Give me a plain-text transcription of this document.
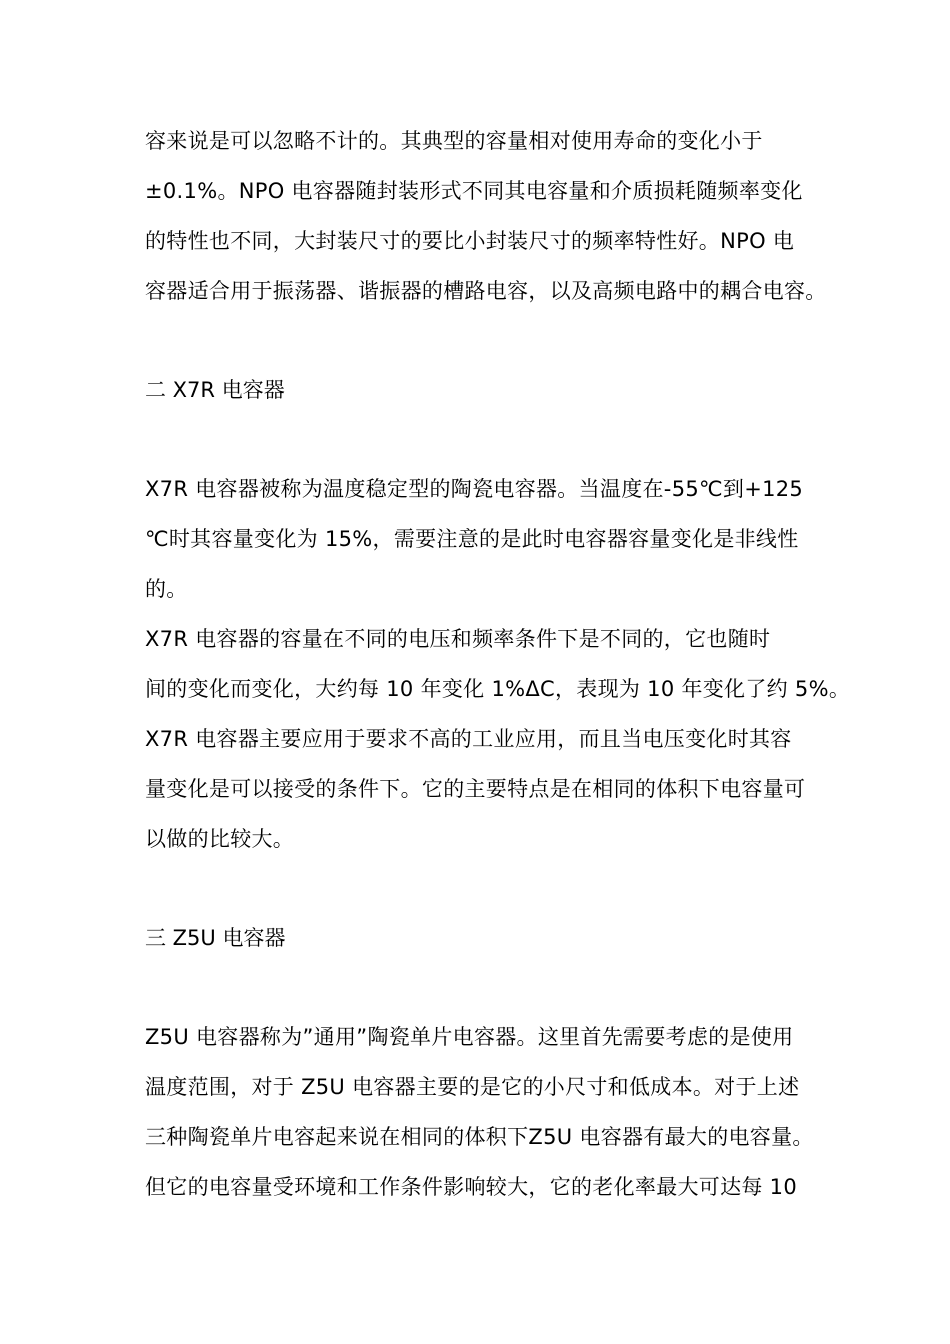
容来说是可以忽略不计的。其典型的容量相对使用寿命的变化小于
±0.1%。NPO 电容器随封装形式不同其电容量和介质损耗随频率变化
的特性也不同，大封装尺寸的要比小封装尺寸的频率特性好。NPO 电
容器适合用于振荡器、谐振器的槽路电容，以及高频电路中的耦合电容。
二 X7R 电容器
X7R 电容器被称为温度稳定型的陶瓷电容器。当温度在-55℃到+125
℃时其容量变化为 15%，需要注意的是此时电容器容量变化是非线性
的。
X7R 电容器的容量在不同的电压和频率条件下是不同的，它也随时
间的变化而变化，大约每 10 年变化 1%ΔC，表现为 10 年变化了约 5%。
X7R 电容器主要应用于要求不高的工业应用，而且当电压变化时其容
量变化是可以接受的条件下。它的主要特点是在相同的体积下电容量可
以做的比较大。
三 Z5U 电容器
Z5U 电容器称为”通用”陶瓷单片电容器。这里首先需要考虑的是使用
温度范围，对于 Z5U 电容器主要的是它的小尺寸和低成本。对于上述
三种陶瓷单片电容起来说在相同的体积下Z5U 电容器有最大的电容量。
但它的电容量受环境和工作条件影响较大，它的老化率最大可达每 10
